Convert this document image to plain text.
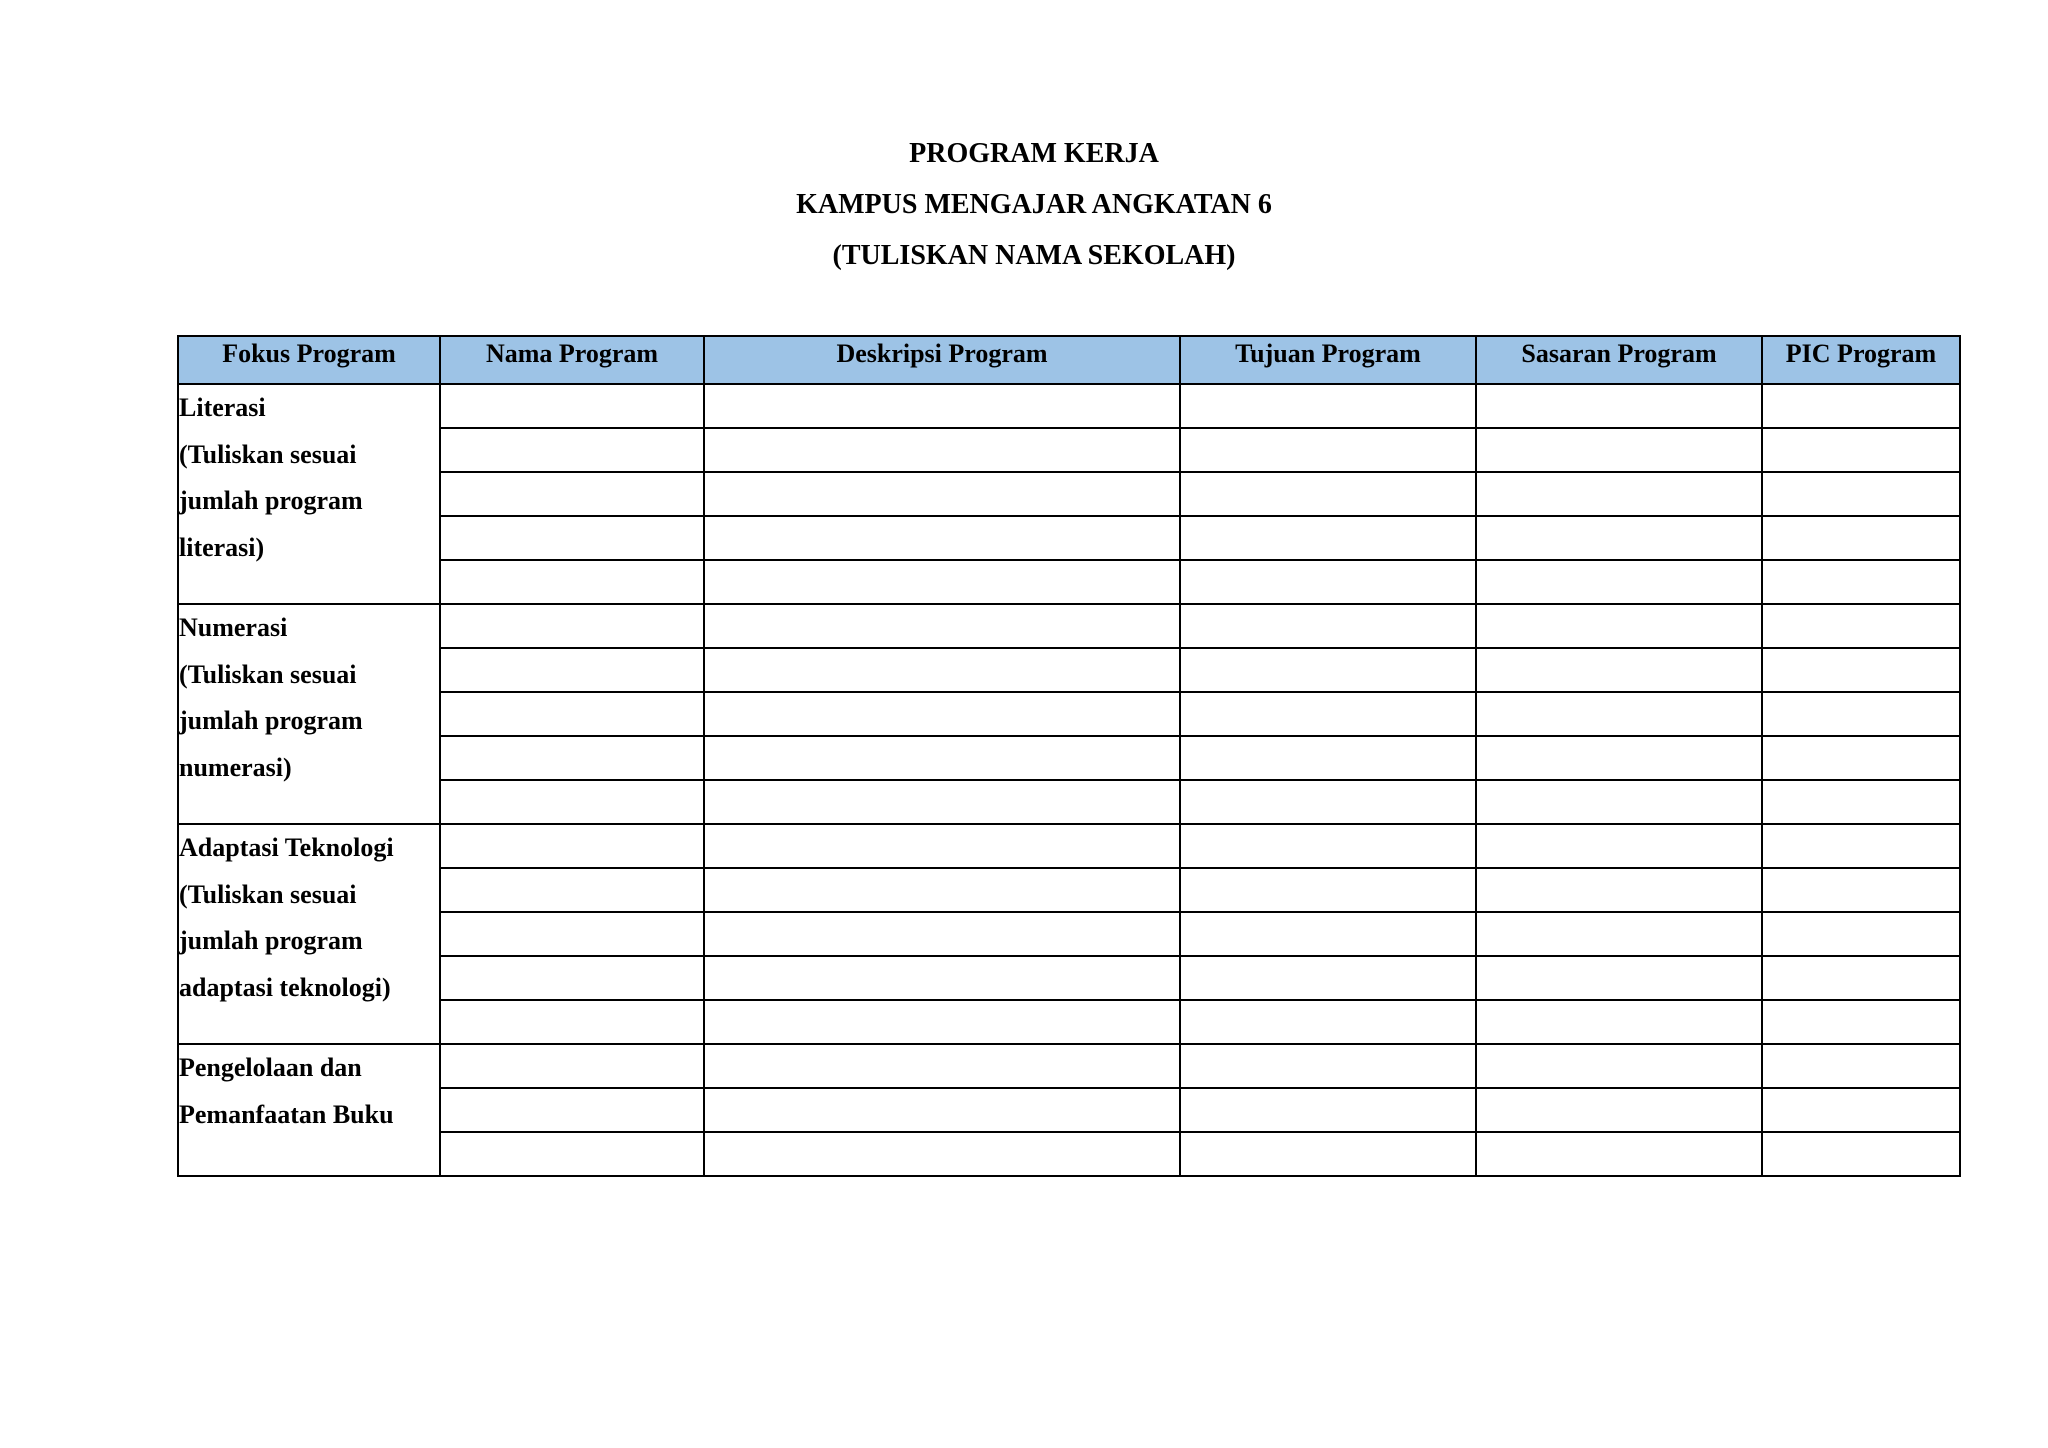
PROGRAM KERJA
KAMPUS MENGAJAR ANGKATAN 6
(TULISKAN NAMA SEKOLAH)
Fokus Program	Nama Program	Deskripsi Program	Tujuan Program	Sasaran Program	PIC Program

Literasi
(Tuliskan sesuai
jumlah program
literasi)					

Numerasi
(Tuliskan sesuai
jumlah program
numerasi)					

Adaptasi Teknologi
(Tuliskan sesuai
jumlah program
adaptasi teknologi)					

Pengelolaan dan
Pemanfaatan Buku					
